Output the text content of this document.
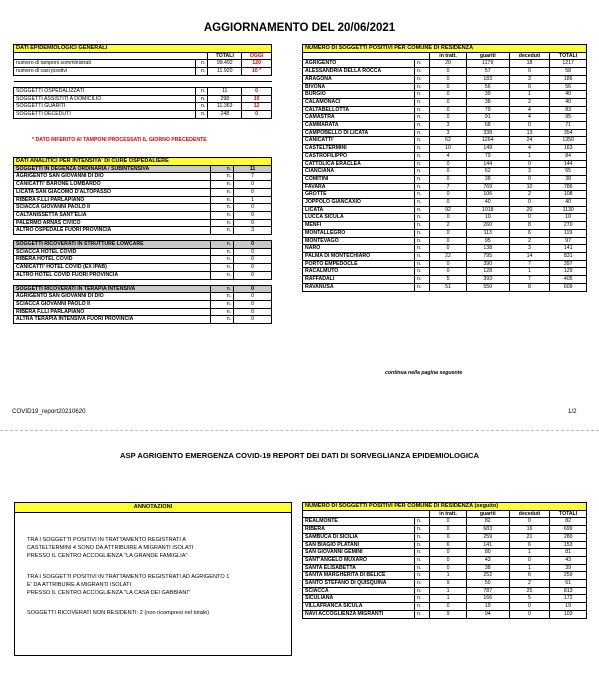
AGGIORNAMENTO DEL 20/06/2021
DATI EPIDEMIOLOGICI GENERALI			
		TOTALI	OGGI
numero di tamponi somministrati	n.	99.492	120
numero di casi positivi	n.	11.920	10 *

SOGGETTI OSPEDALIZZATI	n.	11	0
SOGGETTI ASSISTITI A DOMICILIO	n.	298	10
SOGGETTI GUARITI	n.	11.363	12
SOGGETTI DECEDUTI	n.	248	0
* DATO RIFERITO AI TAMPONI PROCESSATI IL GIORNO PRECEDENTE
DATI ANALITICI PER INTENSITA' DI CURE OSPEDALIERE		
SOGGETTI IN DEGENZA ORDINARIA / SUBINTENSIVA	n.	11
AGRIGENTO SAN GIOVANNI DI DIO	n.	7
CANICATTI' BARONE LOMBARDO	n.	0
LICATA SAN GIACOMO D'ALTOPASSO	n.	0
RIBERA F.LLI PARLAPIANO	n.	1
SCIACCA GIOVANNI PAOLO II	n.	0
CALTANISSETTA SANT'ELIA	n.	0
PALERMO ARNAS CIVICO	n.	0
ALTRO OSPEDALE FUORI PROVINCIA	n.	3

SOGGETTI RICOVERATI IN STRUTTURE LOWCARE	n.	0
SCIACCA HOTEL COVID	n.	0
RIBERA HOTEL COVID	n.	0
CANICATTI' HOTEL COVID (EX IPAB)	n.	0
ALTRO HOTEL COVID FUORI PROVINCIA	n.	0

SOGGETTI RICOVERATI IN TERAPIA INTENSIVA	n.	0
AGRIGENTO SAN GIOVANNI DI DIO	n.	0
SCIACCA GIOVANNI PAOLO II	n.	0
RIBERA F.LLI PARLAPIANO	n.	0
ALTRA TERAPIA INTENSIVA FUORI PROVINCIA	n.	0
NUMERO DI SOGGETTI POSITIVI PER COMUNE DI RESIDENZA					
		in tratt.	guariti	deceduti	TOTALI
AGRIGENTO	n.	20	1179	18	1217
ALESSANDRIA DELLA ROCCA	n.	0	57	0	58
ARAGONA	n.	0	183	3	186
BIVONA	n.	0	56	0	56
BURGIO	n.	0	39	1	40
CALAMONACI	n.	0	38	2	40
CALTABELLOTTA	n.	0	79	4	83
CAMASTRA	n.	0	91	4	95
CAMMARATA	n.	3	68	0	71
CAMPOBELLO DI LICATA	n.	3	338	13	354
CANICATTI'	n.	62	1264	24	1350
CASTELTERMINI	n.	10	149	4	163
CASTROFILIPPO	n.	4	79	1	84
CATTOLICA ERACLEA	n.	0	144	0	144
CIANCIANA	n.	0	62	3	65
COMITINI	n.	0	38	0	38
FAVARA	n.	7	769	10	786
GROTTE	n.	0	106	2	108
JOPPOLO GIANCAXIO	n.	0	40	0	40
LICATA	n.	92	1018	20	1130
LUCCA SICULA	n.	0	10	0	10
MENFI	n.	2	260	8	270
MONTALLEGRO	n.	0	113	6	119
MONTEVAGO	n.	0	95	2	97
NARO	n.	0	138	3	141
PALMA DI MONTECHIARO	n.	22	795	14	831
PORTO EMPEDOCLE	n.	0	390	7	397
RACALMUTO	n.	0	128	1	129
RAFFADALI	n.	5	393	7	405
RAVANUSA	n.	51	550	8	609
continua nella pagina seguente
COVID19_report20210620	1/2
ASP AGRIGENTO EMERGENZA COVID-19 REPORT DEI DATI DI SORVEGLIANZA EPIDEMIOLOGICA
ANNOTAZIONI
TRA I SOGGETTI POSITIVI IN TRATTAMENTO REGISTRATI A
CASTELTERMINI 4 SONO DA ATTRIBUIRE A MIGRANTI ISOLATI
PRESSO IL CENTRO ACCOGLIENZA "LA GRANDE FAMIGLIA"
TRA I SOGGETTI POSITIVI IN TRATTAMENTO REGISTRATI AD AGRIGENTO 1
E' DA ATTRIBUIRE A MIGRANTI ISOLATI
PRESSO IL CENTRO ACCOGLIENZA "LA CASA DEI GABBIANI"
SOGGETTI RICOVERATI NON RESIDENTI: 2 (non ricompresi nel totale)
NUMERO DI SOGGETTI POSITIVI PER COMUNE DI RESIDENZA (seguito)					
		in tratt.	guariti	deceduti	TOTALI
REALMONTE	n.	0	82	0	82
RIBERA	n.	0	683	16	699
SAMBUCA DI SICILIA	n.	0	259	21	280
SAN BIAGIO PLATANI	n.	6	141	6	153
SAN GIOVANNI GEMINI	n.	0	80	1	81
SANT'ANGELO MUXARO	n.	0	43	0	43
SANTA ELISABETTA	n.	0	38	1	39
SANTA MARGHERITA DI BELICE	n.	1	252	6	259
SANTO STEFANO DI QUISQUINA	n.	9	50	2	61
SCIACCA	n.	1	787	25	813
SICULIANA	n.	1	166	5	172
VILLAFRANCA SICULA	n.	0	19	0	19
NAVI ACCOGLIENZA MIGRANTI	n.	9	94	0	103
